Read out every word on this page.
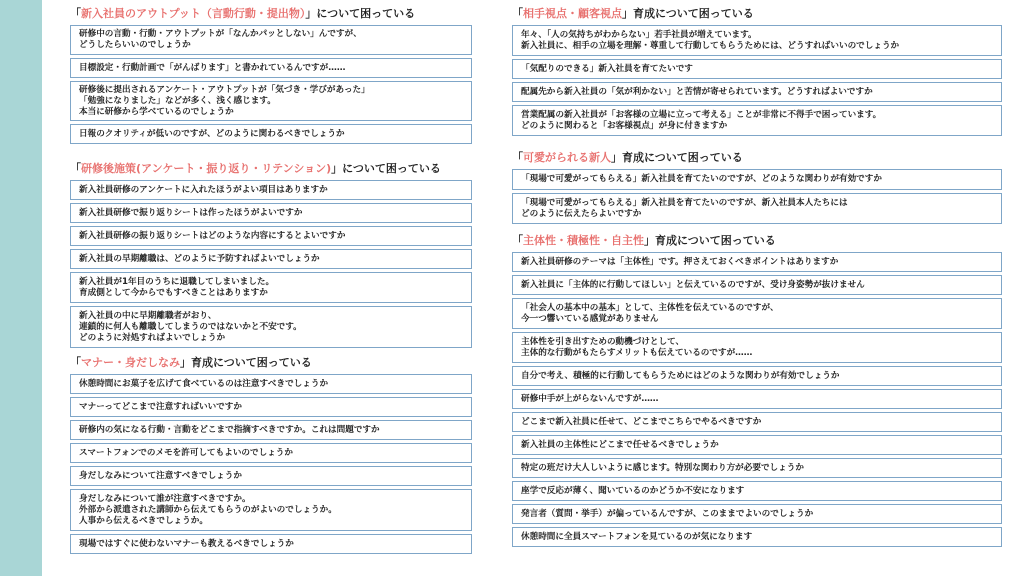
「新入社員のアウトプット（言動行動・提出物）」について困っている
研修中の言動・行動・アウトプットが「なんかパッとしない」んですが、
どうしたらいいのでしょうか
目標設定・行動計画で「がんばります」と書かれているんですが……
研修後に提出されるアンケート・アウトプットが「気づき・学びがあった」
「勉強になりました」などが多く、浅く感じます。
本当に研修から学べているのでしょうか
日報のクオリティが低いのですが、どのように関わるべきでしょうか
「研修後施策(アンケート・振り返り・リテンション)」について困っている
新入社員研修のアンケートに入れたほうがよい項目はありますか
新入社員研修で振り返りシートは作ったほうがよいですか
新入社員研修の振り返りシートはどのような内容にするとよいですか
新入社員の早期離職は、どのように予防すればよいでしょうか
新入社員が1年目のうちに退職してしまいました。
育成側として今からでもすべきことはありますか
新入社員の中に早期離職者がおり、
連鎖的に何人も離職してしまうのではないかと不安です。
どのように対処すればよいでしょうか
「マナー・身だしなみ」育成について困っている
休憩時間にお菓子を広げて食べているのは注意すべきでしょうか
マナーってどこまで注意すればいいですか
研修内の気になる行動・言動をどこまで指摘すべきですか。これは問題ですか
スマートフォンでのメモを許可してもよいのでしょうか
身だしなみについて注意すべきでしょうか
身だしなみについて誰が注意すべきですか。
外部から派遣された講師から伝えてもらうのがよいのでしょうか。
人事から伝えるべきでしょうか。
現場ではすぐに使わないマナーも教えるべきでしょうか
「相手視点・顧客視点」育成について困っている
年々、「人の気持ちがわからない」若手社員が増えています。
新入社員に、相手の立場を理解・尊重して行動してもらうためには、どうすればいいのでしょうか
「気配りのできる」新入社員を育てたいです
配属先から新入社員の「気が利かない」と苦情が寄せられています。どうすればよいですか
営業配属の新入社員が「お客様の立場に立って考える」ことが非常に不得手で困っています。
どのように関わると「お客様視点」が身に付きますか
「可愛がられる新人」育成について困っている
「現場で可愛がってもらえる」新入社員を育てたいのですが、どのような関わりが有効ですか
「現場で可愛がってもらえる」新入社員を育てたいのですが、新入社員本人たちには
どのように伝えたらよいですか
「主体性・積極性・自主性」育成について困っている
新入社員研修のテーマは「主体性」です。押さえておくべきポイントはありますか
新入社員に「主体的に行動してほしい」と伝えているのですが、受け身姿勢が抜けません
「社会人の基本中の基本」として、主体性を伝えているのですが、
今一つ響いている感覚がありません
主体性を引き出すための動機づけとして、
主体的な行動がもたらすメリットも伝えているのですが……
自分で考え、積極的に行動してもらうためにはどのような関わりが有効でしょうか
研修中手が上がらないんですが……
どこまで新入社員に任せて、どこまでこちらでやるべきですか
新入社員の主体性にどこまで任せるべきでしょうか
特定の班だけ大人しいように感じます。特別な関わり方が必要でしょうか
座学で反応が薄く、聞いているのかどうか不安になります
発言者（質問・挙手）が偏っているんですが、このままでよいのでしょうか
休憩時間に全員スマートフォンを見ているのが気になります
